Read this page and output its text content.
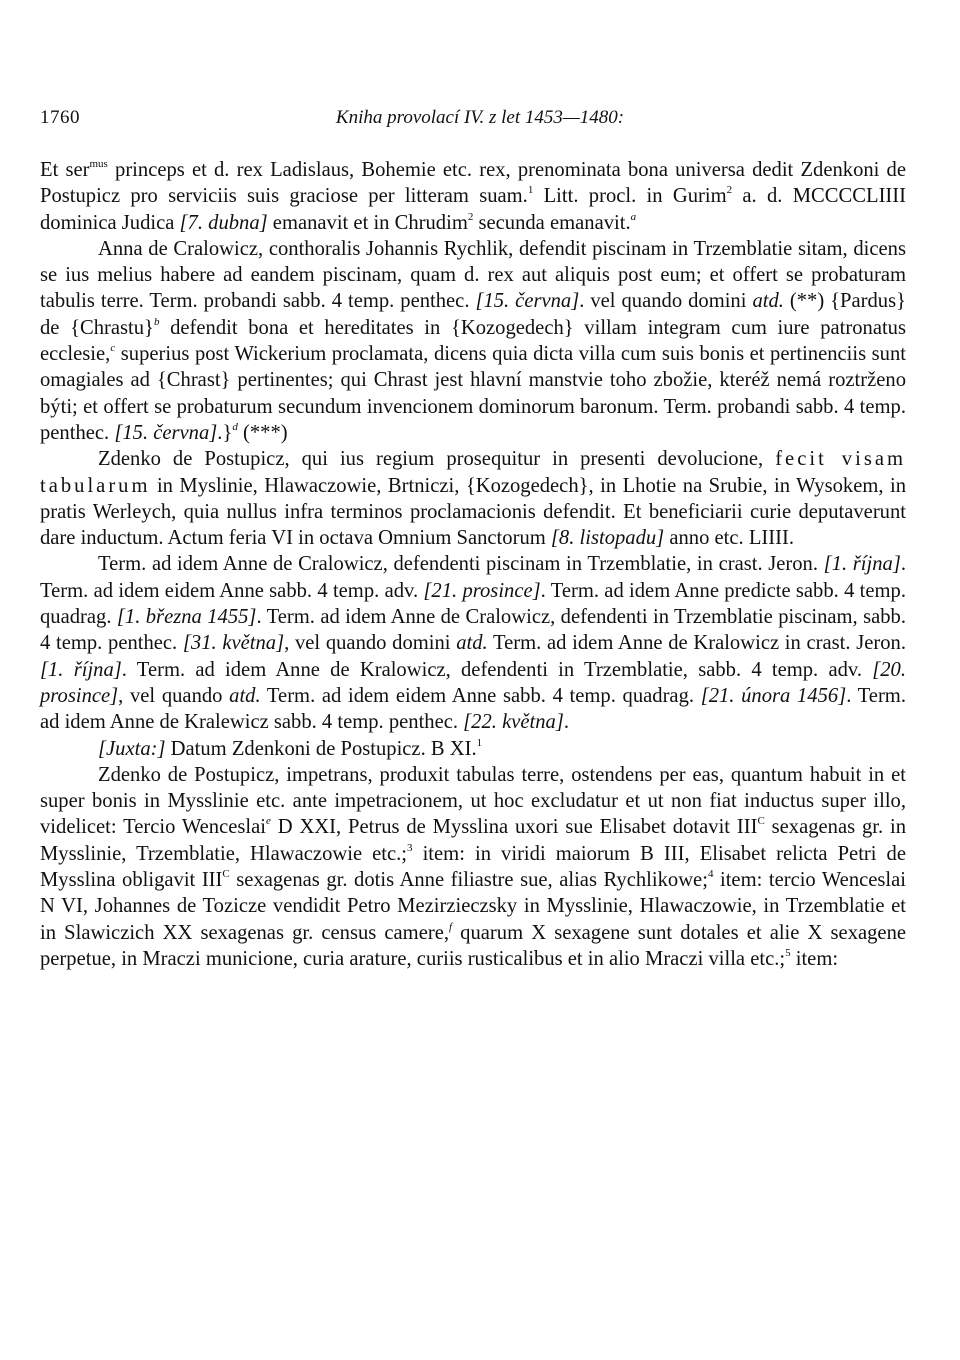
1760	Kniha provolací IV. z let 1453—1480:

Et ser$^{mus}$ princeps et d. rex Ladislaus, Bohemie etc. rex, prenominata bona universa dedit Zdenkoni de Postupicz pro serviciis suis graciose per litteram suam.$^1$ Litt. procl. in Gurim$^2$ a. d. MCCCCLIIII dominica Judica [7. dubna] emanavit et in Chrudim$^2$ secunda emanavit.$^a$

Anna de Cralowicz, conthoralis Johannis Rychlik, defendit piscinam in Trzemblatie sitam, dicens se ius melius habere ad eandem piscinam, quam d. rex aut aliquis post eum; et offert se probaturam tabulis terre. Term. probandi sabb. 4 temp. penthec. [15. června]. vel quando domini atd. (**) {Pardus} de {Chrastu}$^b$ defendit bona et hereditates in {Kozogedech} villam integram cum iure patronatus ecclesie,$^c$ superius post Wickerium proclamata, dicens quia dicta villa cum suis bonis et pertinenciis sunt omagiales ad {Chrast} pertinentes; qui Chrast jest hlavní manstvie toho zbožie, kteréž nemá roztrženo býti; et offert se probaturum secundum invencionem dominorum baronum. Term. probandi sabb. 4 temp. penthec. [15. června].}$^d$ (***)

Zdenko de Postupicz, qui ius regium prosequitur in presenti devolucione, fecit visam tabularum in Myslinie, Hlawaczowie, Brtniczi, {Kozogedech}, in Lhotie na Srubie, in Wysokem, in pratis Werleych, quia nullus infra terminos proclamacionis defendit. Et beneficiarii curie deputaverunt dare inductum. Actum feria VI in octava Omnium Sanctorum [8. listopadu] anno etc. LIIII.

Term. ad idem Anne de Cralowicz, defendenti piscinam in Trzemblatie, in crast. Jeron. [1. října]. Term. ad idem eidem Anne sabb. 4 temp. adv. [21. prosince]. Term. ad idem Anne predicte sabb. 4 temp. quadrag. [1. března 1455]. Term. ad idem Anne de Cralowicz, defendenti in Trzemblatie piscinam, sabb. 4 temp. penthec. [31. května], vel quando domini atd. Term. ad idem Anne de Kralowicz in crast. Jeron. [1. října]. Term. ad idem Anne de Kralowicz, defendenti in Trzemblatie, sabb. 4 temp. adv. [20. prosince], vel quando atd. Term. ad idem eidem Anne sabb. 4 temp. quadrag. [21. února 1456]. Term. ad idem Anne de Kralewicz sabb. 4 temp. penthec. [22. května].

[Juxta:] Datum Zdenkoni de Postupicz. B XI.$^1$

Zdenko de Postupicz, impetrans, produxit tabulas terre, ostendens per eas, quantum habuit in et super bonis in Mysslinie etc. ante impetracionem, ut hoc excludatur et ut non fiat inductus super illo, videlicet: Tercio Wenceslai$^e$ D XXI, Petrus de Mysslina uxori sue Elisabet dotavit $III^C$ sexagenas gr. in Mysslinie, Trzemblatie, Hlawaczowie etc.;$^3$ item: in viridi maiorum B III, Elisabet relicta Petri de Mysslina obligavit $III^C$ sexagenas gr. dotis Anne filiastre sue, alias Rychlikowe;$^4$ item: tercio Wenceslai N VI, Johannes de Tozicze vendidit Petro Mezirzieczsky in Mysslinie, Hlawaczowie, in Trzemblatie et in Slawiczich XX sexagenas gr. census camere,$^f$ quarum X sexagene sunt dotales et alie X sexagene perpetue, in Mraczi municione, curia arature, curiis rusticalibus et in alio Mraczi villa etc.;$^5$ item:
